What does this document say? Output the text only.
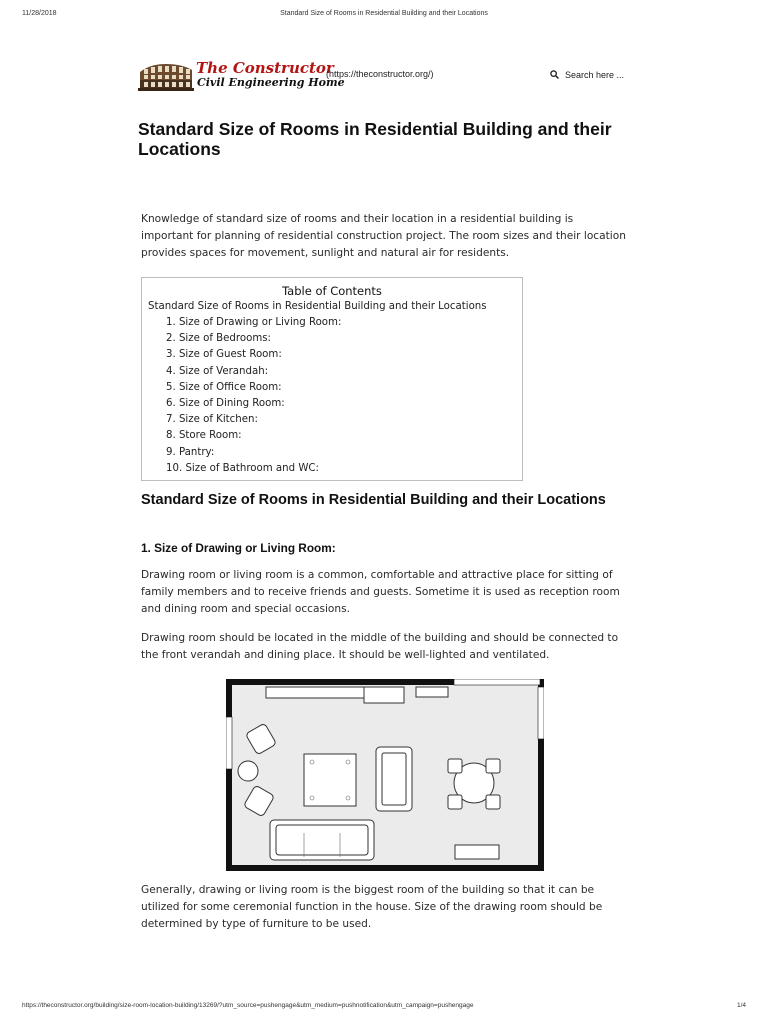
11/28/2018	Standard Size of Rooms in Residential Building and their Locations
The Constructor
Civil Engineering Home
(https://theconstructor.org/)	Search here ...
Standard Size of Rooms in Residential Building and their Locations

Knowledge of standard size of rooms and their location in a residential building is important for planning of residential construction project. The room sizes and their location provides spaces for movement, sunlight and natural air for residents.

Table of Contents
Standard Size of Rooms in Residential Building and their Locations
1. Size of Drawing or Living Room:
2. Size of Bedrooms:
3. Size of Guest Room:
4. Size of Verandah:
5. Size of Office Room:
6. Size of Dining Room:
7. Size of Kitchen:
8. Store Room:
9. Pantry:
10. Size of Bathroom and WC:
Standard Size of Rooms in Residential Building and their Locations
1. Size of Drawing or Living Room:

Drawing room or living room is a common, comfortable and attractive place for sitting of family members and to receive friends and guests. Sometime it is used as reception room and dining room and special occasions.

Drawing room should be located in the middle of the building and should be connected to the front verandah and dining place. It should be well-lighted and ventilated.

Generally, drawing or living room is the biggest room of the building so that it can be utilized for some ceremonial function in the house. Size of the drawing room should be determined by type of furniture to be used.

https://theconstructor.org/building/size-room-location-building/13269/?utm_source=pushengage&utm_medium=pushnotification&utm_campaign=pushengage	1/4
